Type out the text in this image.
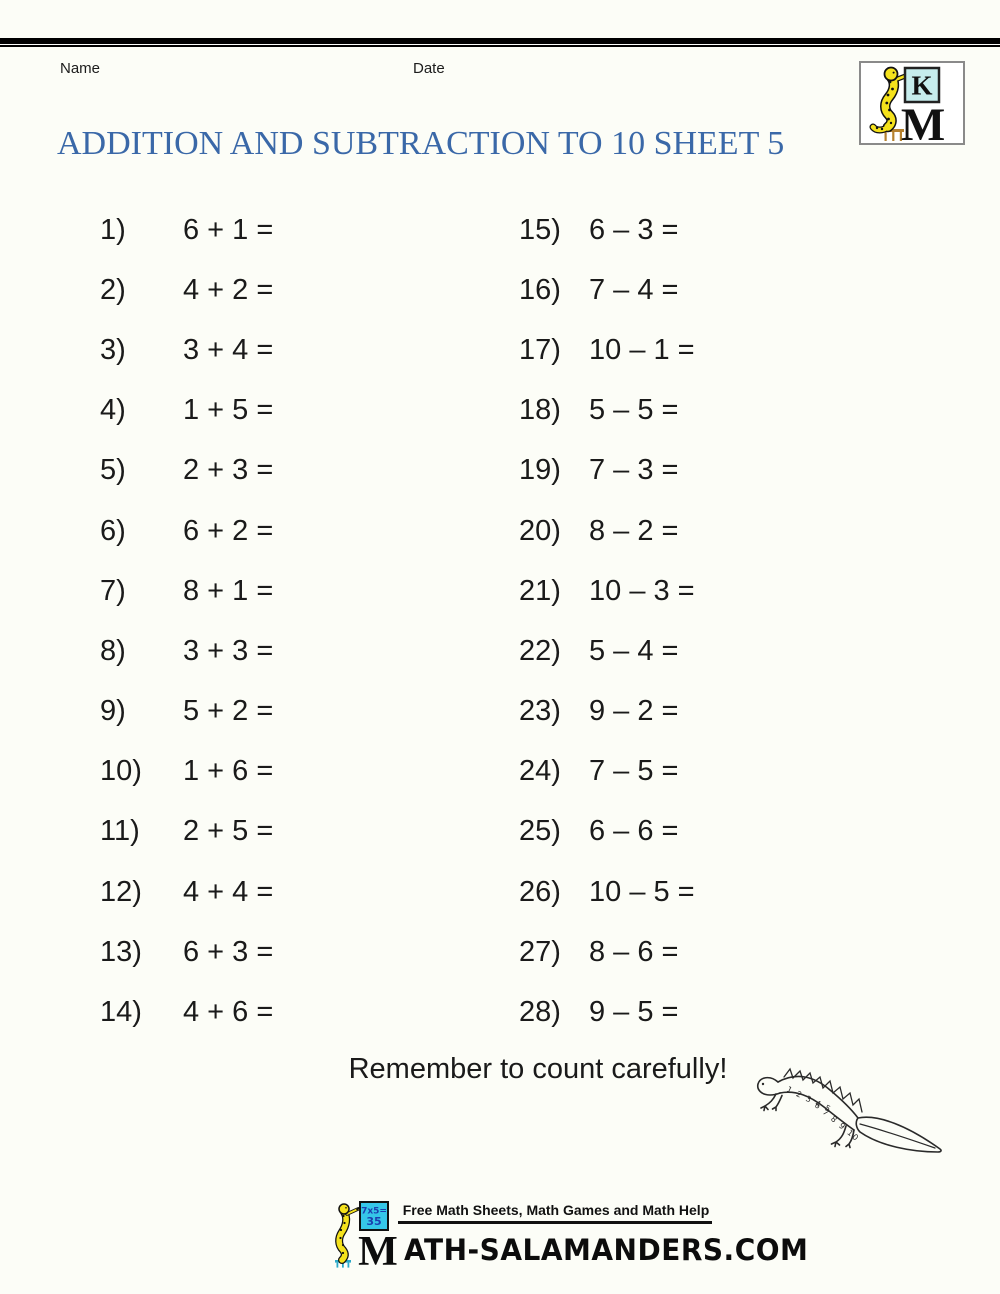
Name	Date
K
M
ADDITION AND SUBTRACTION TO 10 SHEET 5
1)	6 + 1 =
2)	4 + 2 =
3)	3 + 4 =
4)	1 + 5 =
5)	2 + 3 =
6)	6 + 2 =
7)	8 + 1 =
8)	3 + 3 =
9)	5 + 2 =
10)	1 + 6 =
11)	2 + 5 =
12)	4 + 4 =
13)	6 + 3 =
14)	4 + 6 =
15) 6 – 3 =
16) 7 – 4 =
17) 10 – 1 =
18) 5 – 5 =
19) 7 – 3 =
20) 8 – 2 =
21) 10 – 3 =
22) 5 – 4 =
23) 9 – 2 =
24) 7 – 5 =
25) 6 – 6 =
26) 10 – 5 =
27) 8 – 6 =
28) 9 – 5 =
Remember to count carefully!
1 2 3 4 5
6 7 8 9 10
7x5=
35
M
Free Math Sheets, Math Games and Math Help
ATH-SALAMANDERS.COM
